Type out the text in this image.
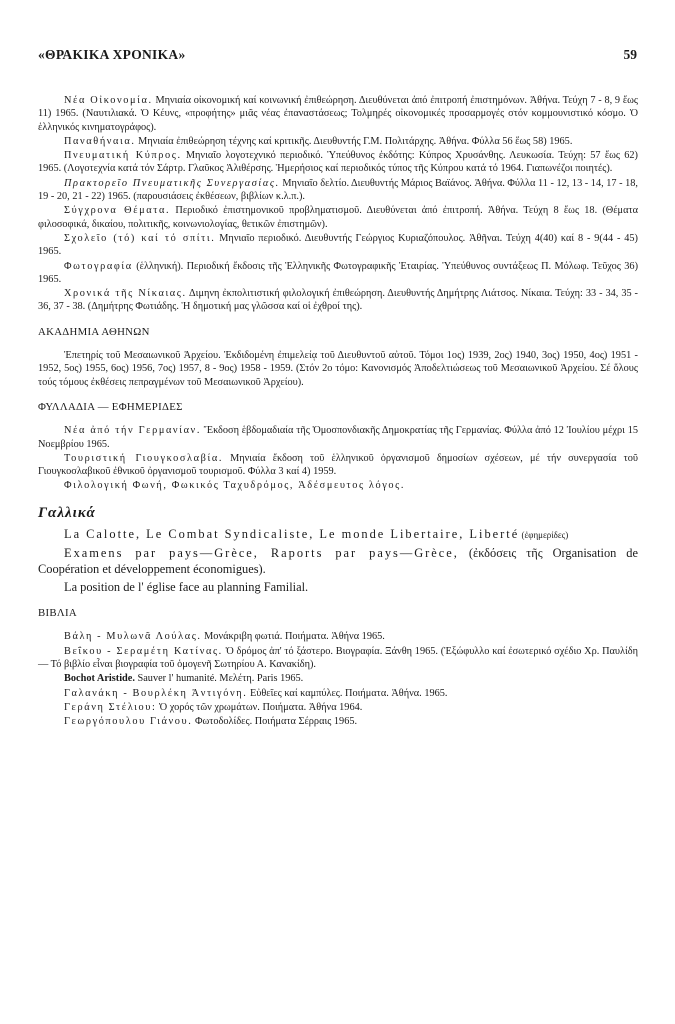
«ΘΡΑΚΙΚΑ ΧΡΟΝΙΚΑ»	59

Νέα Οἰκονομία. Μηνιαία οἰκονομική καί κοινωνική ἐπιθεώρηση. Διευθύνεται ἀπό ἐπιτροπή ἐπιστημόνων. Ἀθήνα. Τεύχη 7 - 8, 9 ἕως 11) 1965. (Ναυτιλιακά. Ὁ Κέυνς, «προφήτης» μιᾶς νέας ἐπαναστάσεως; Τολμηρές οἰκονομικές προσαρμογές στόν κομμουνιστικό κόσμο. Ὁ ἑλληνικός κινηματογράφος).

Παναθήναια. Μηνιαία ἐπιθεώρηση τέχνης καί κριτικῆς. Διευθυντής Γ.Μ. Πολιτάρχης. Ἀθήνα. Φύλλα 56 ἕως 58) 1965.

Πνευματική Κύπρος. Μηνιαῖο λογοτεχνικό περιοδικό. Ὑπεύθυνος ἐκδότης: Κύπρος Χρυσάνθης. Λευκωσία. Τεύχη: 57 ἕως 62) 1965. (Λογοτεχνία κατά τόν Σάρτρ. Γλαῦκος Ἀλιθέρσης. Ἡμερήσιος καί περιοδικός τύπος τῆς Κύπρου κατά τό 1964. Γιαπωνέζοι ποιητές).

Πρακτορεῖο Πνευματικῆς Συνεργασίας. Μηνιαῖο δελτίο. Διευθυντής Μάριος Βαϊάνος. Ἀθήνα. Φύλλα 11 - 12, 13 - 14, 17 - 18, 19 - 20, 21 - 22) 1965. (παρουσιάσεις ἐκθέσεων, βιβλίων κ.λ.π.).

Σύγχρονα Θέματα. Περιοδικό ἐπιστημονικοῦ προβληματισμοῦ. Διευθύνεται ἀπό ἐπιτροπή. Ἀθήνα. Τεύχη 8 ἕως 18. (Θέματα φιλοσοφικά, δικαίου, πολιτικῆς, κοινωνιολογίας, θετικῶν ἐπιστημῶν).

Σχολεῖο (τό) καί τό σπίτι. Μηνιαῖο περιοδικό. Διευθυντής Γεώργιος Κυριαζόπουλος. Ἀθῆναι. Τεύχη 4(40) καί 8 - 9(44 - 45) 1965.

Φωτογραφία (ἑλληνική). Περιοδική ἔκδοσις τῆς Ἑλληνικῆς Φωτογραφικῆς Ἑταιρίας. Ὑπεύθυνος συντάξεως Π. Μόλωφ. Τεῦχος 36) 1965.

Χρονικά τῆς Νίκαιας. Διμηνη ἐκπολιτιστική φιλολογική ἐπιθεώρηση. Διευθυντής Δημήτρης Λιάτσος. Νίκαια. Τεύχη: 33 - 34, 35 - 36, 37 - 38. (Δημήτρης Φωτιάδης. Ἡ δημοτική μας γλῶσσα καί οἱ ἐχθροί της).

ΑΚΑΔΗΜΙΑ ΑΘΗΝΩΝ

Ἐπετηρίς τοῦ Μεσαιωνικοῦ Ἀρχείου. Ἐκδιδομένη ἐπιμελείᾳ τοῦ Διευθυντοῦ αὐτοῦ. Τόμοι 1ος) 1939, 2ος) 1940, 3ος) 1950, 4ος) 1951 - 1952, 5ος) 1955, 6ος) 1956, 7ος) 1957, 8 - 9ος) 1958 - 1959. (Στόν 2ο τόμο: Κανονισμός Ἀποδελτιώσεως τοῦ Μεσαιωνικοῦ Ἀρχείου. Σέ ὅλους τούς τόμους ἐκθέσεις πεπραγμένων τοῦ Μεσαιωνικοῦ Ἀρχείου).

ΦΥΛΛΑΔΙΑ — ΕΦΗΜΕΡΙΔΕΣ

Νέα ἀπό τήν Γερμανίαν. Ἔκδοση ἑβδομαδιαία τῆς Ὁμοσπονδιακῆς Δημοκρατίας τῆς Γερμανίας. Φύλλα ἀπό 12 Ἰουλίου μέχρι 15 Νοεμβρίου 1965.

Τουριστική Γιουγκοσλαβία. Μηνιαία ἔκδοση τοῦ ἑλληνικοῦ ὀργανισμοῦ δημοσίων σχέσεων, μέ τήν συνεργασία τοῦ Γιουγκοσλαβικοῦ ἐθνικοῦ ὀργανισμοῦ τουρισμοῦ. Φύλλα 3 καί 4) 1959.

Φιλολογική Φωνή, Φωκικός Ταχυδρόμος, Ἀδέσμευτος λόγος.

Γαλλικά

La Calotte, Le Combat Syndicaliste, Le monde Libertaire, Liberté (ἐφημερίδες)

Examens par pays—Grèce, Raports par pays—Grèce, (ἐκδόσεις τῆς Organisation de Coopération et développement économigues).

La position de l' église face au planning Familial.

ΒΙΒΛΙΑ

Βάλη - Μυλωνᾶ Λούλας. Μονάκριβη φωτιά. Ποιήματα. Ἀθήνα 1965.

Βεΐκου - Σεραμέτη Κατίνας. Ὁ δρόμος ἀπ' τό ξάστερο. Βιογραφία. Ξάνθη 1965. (Ἐξώφυλλο καί ἐσωτερικό σχέδιο Χρ. Παυλίδη — Τό βιβλίο εἶναι βιογραφία τοῦ ὁμογενῆ Σωτηρίου Α. Κανακίδη).

Bochot Aristide. Sauver l' humanité. Μελέτη. Paris 1965.

Γαλανάκη - Βουρλέκη Ἀντιγόνη. Εὐθεῖες καί καμπύλες. Ποιήματα. Ἀθήνα. 1965.

Γεράνη Στέλιου: Ὁ χορός τῶν χρωμάτων. Ποιήματα. Ἀθήνα 1964.

Γεωργόπουλου Γιάνου. Φωτοδολίδες. Ποιήματα Σέρραις 1965.
